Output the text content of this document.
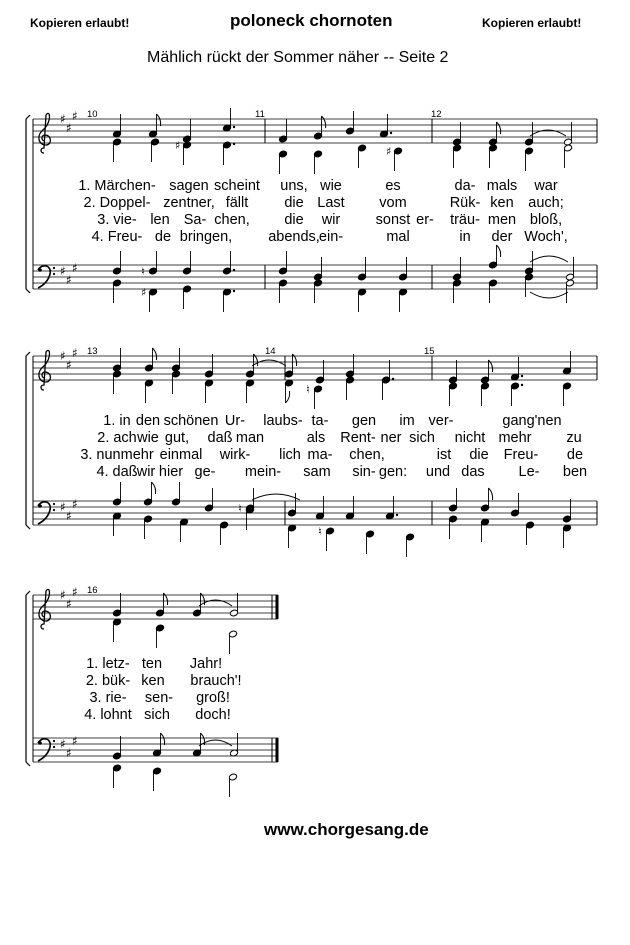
Kopieren erlaubt!	poloneck chornoten	Kopieren erlaubt!
Mählich rückt der Sommer näher -- Seite 2
♯
♯
♯
♯
♯
♯
♯
♯
♯
♯
♯
♯
♯
♯
♯
♯
♯
♯
♯	♯
♮
♯
♮
♮
♮
10	11	12
1. Märchen- sagen scheint uns, wie	es	da- mals war
2. Doppel- zentner, fällt die Last vom	Rük- ken auch;
3. vie- len Sa- chen, die wir sonst er- träu- men bloß,
4. Freu- de bringen, abends, ein-	mal	in der Woch',
13	14	15
1. in den schönen Ur- laubs- ta- gen im ver-	gang'nen
2. ach wie gut, daß man	als Rent- ner sich nicht mehr zu
3. nunmehr einmal wirk- lich ma- chen,	ist die Freu- de
4. daß wir hier ge- mein- sam sin- gen: und das Le- ben
16
1. letz- ten Jahr!
2. bük- ken brauch'!
3. rie- sen- groß!
4. lohnt sich doch!
www.chorgesang.de
